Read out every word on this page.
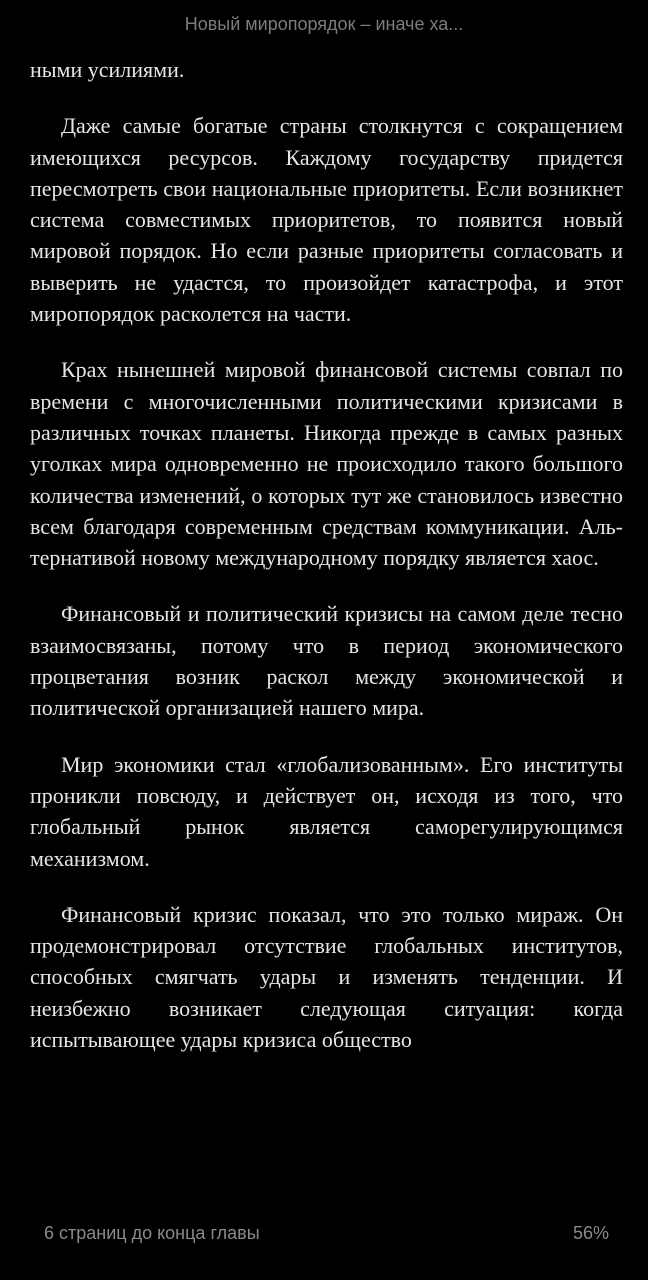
Новый миропорядок – иначе ха...

ными усилиями.

Даже самые богатые страны столкнутся с сокращением имеющихся ресурсов. Каждому государству придется пересмотреть свои национальные приоритеты. Если возникнет система совместимых приоритетов, то появится новый мировой порядок. Но если разные приоритеты согласовать и выверить не удастся, то произойдет катастрофа, и этот миропорядок расколется на части.

Крах нынешней мировой финансовой системы совпал по времени с многочисленными политическими кризисами в различных точках планеты. Никогда прежде в самых разных уголках мира одновременно не происходило такого большого количества изменений, о которых тут же становилось известно всем благодаря современным средствам коммуникации. Альтернативой новому международному порядку является хаос.

Финансовый и политический кризисы на самом деле тесно взаимосвязаны, потому что в период экономического процветания возник раскол между экономической и политической организацией нашего мира.

Мир экономики стал «глобализованным». Его институты проникли повсюду, и действует он, исходя из того, что глобальный рынок является саморегулирующимся механизмом.

Финансовый кризис показал, что это только мираж. Он продемонстрировал отсутствие глобальных институтов, способных смягчать удары и изменять тенденции. И неизбежно возникает следующая ситуация: когда испытывающее удары кризиса общество

6 страниц до конца главы	56%
